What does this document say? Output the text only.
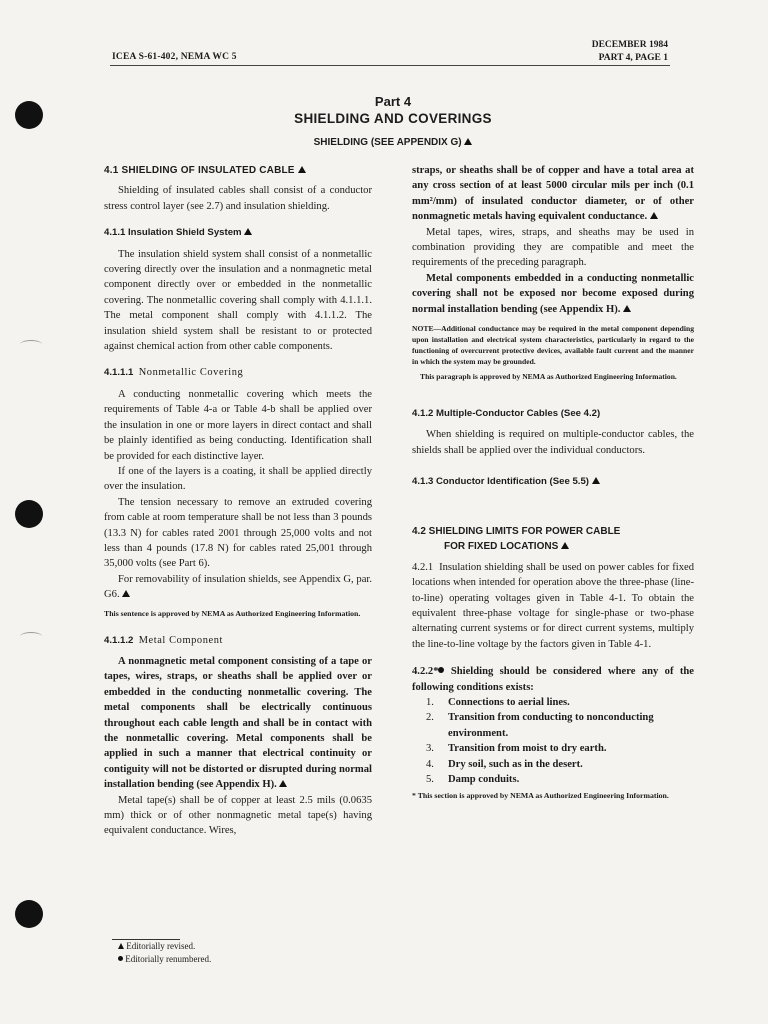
ICEA S-61-402, NEMA WC 5
DECEMBER 1984
PART 4, PAGE 1
Part 4
SHIELDING AND COVERINGS
SHIELDING (SEE APPENDIX G)
4.1 SHIELDING OF INSULATED CABLE

Shielding of insulated cables shall consist of a conductor stress control layer (see 2.7) and insulation shielding.

4.1.1 Insulation Shield System

The insulation shield system shall consist of a nonmetallic covering directly over the insulation and a nonmagnetic metal component directly over or embedded in the nonmetallic covering. The nonmetallic covering shall comply with 4.1.1.1. The metal component shall comply with 4.1.1.2. The insulation shield system shall be resistant to or protected against chemical action from other cable components.

4.1.1.1 Nonmetallic Covering

A conducting nonmetallic covering which meets the requirements of Table 4-a or Table 4-b shall be applied over the insulation in one or more layers in direct contact and shall be plainly identified as being conducting. Identification shall be provided for each distinctive layer.

If one of the layers is a coating, it shall be applied directly over the insulation.

The tension necessary to remove an extruded covering from cable at room temperature shall be not less than 3 pounds (13.3 N) for cables rated 2001 through 25,000 volts and not less than 4 pounds (17.8 N) for cables rated 25,001 through 35,000 volts (see Part 6).

For removability of insulation shields, see Appendix G, par. G6.

This sentence is approved by NEMA as Authorized Engineering Information.

4.1.1.2 Metal Component

A nonmagnetic metal component consisting of a tape or tapes, wires, straps, or sheaths shall be applied over or embedded in the conducting nonmetallic covering. The metal components shall be electrically continuous throughout each cable length and shall be in contact with the nonmetallic covering. Metal components shall be applied in such a manner that electrical continuity or contiguity will not be distorted or disrupted during normal installation bending (see Appendix H).

Metal tape(s) shall be of copper at least 2.5 mils (0.0635 mm) thick or of other nonmagnetic metal tape(s) having equivalent conductance. Wires,

straps, or sheaths shall be of copper and have a total area at any cross section of at least 5000 circular mils per inch (0.1 mm²/mm) of insulated conductor diameter, or of other nonmagnetic metals having equivalent conductance.

Metal tapes, wires, straps, and sheaths may be used in combination providing they are compatible and meet the requirements of the preceding paragraph.

Metal components embedded in a conducting nonmetallic covering shall not be exposed nor become exposed during normal installation bending (see Appendix H).

NOTE—Additional conductance may be required in the metal component depending upon installation and electrical system characteristics, particularly in regard to the functioning of overcurrent protective devices, available fault current and the manner in which the system may be grounded.

This paragraph is approved by NEMA as Authorized Engineering Information.

4.1.2 Multiple-Conductor Cables (See 4.2)

When shielding is required on multiple-conductor cables, the shields shall be applied over the individual conductors.

4.1.3 Conductor Identification (See 5.5)
4.2 SHIELDING LIMITS FOR POWER CABLE
FOR FIXED LOCATIONS

4.2.1 Insulation shielding shall be used on power cables for fixed locations when intended for operation above the three-phase (line-to-line) operating voltages given in Table 4-1. To obtain the equivalent three-phase voltage for single-phase or two-phase alternating current systems or for direct current systems, multiply the line-to-line voltage by the factors given in Table 4-1.

4.2.2* Shielding should be considered where any of the following conditions exists:

1.	Connections to aerial lines.
2.	Transition from conducting to nonconducting environment.
3.	Transition from moist to dry earth.
4.	Dry soil, such as in the desert.
5.	Damp conduits.

* This section is approved by NEMA as Authorized Engineering Information.

Editorially revised.
Editorially renumbered.
